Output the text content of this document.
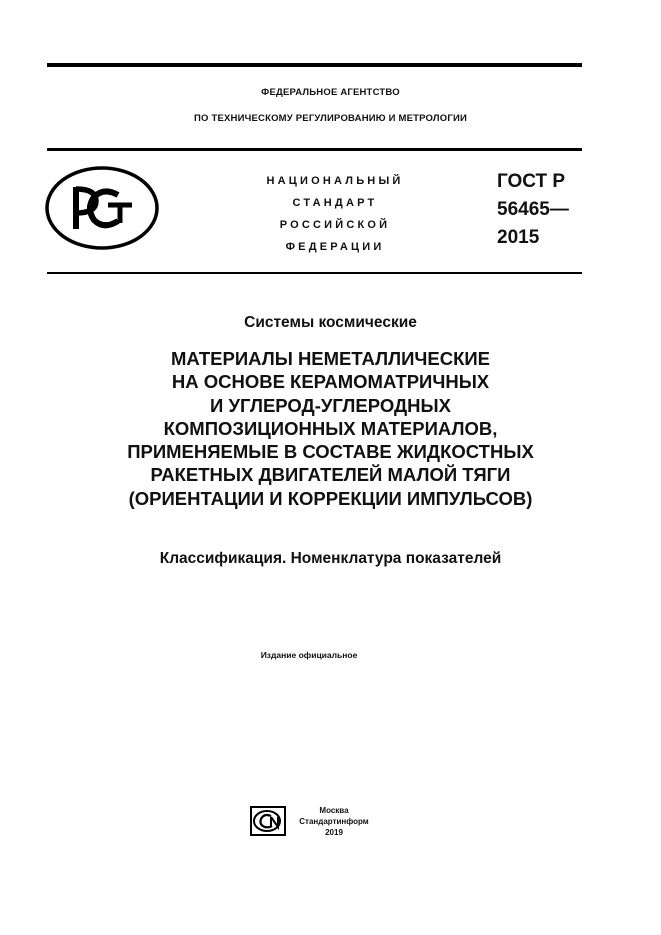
ФЕДЕРАЛЬНОЕ АГЕНТСТВО
ПО ТЕХНИЧЕСКОМУ РЕГУЛИРОВАНИЮ И МЕТРОЛОГИИ
НАЦИОНАЛЬНЫЙ
СТАНДАРТ
РОССИЙСКОЙ
ФЕДЕРАЦИИ
ГОСТ Р
56465—
2015
Системы космические
МАТЕРИАЛЫ НЕМЕТАЛЛИЧЕСКИЕ
НА ОСНОВЕ КЕРАМОМАТРИЧНЫХ
И УГЛЕРОД-УГЛЕРОДНЫХ
КОМПОЗИЦИОННЫХ МАТЕРИАЛОВ,
ПРИМЕНЯЕМЫЕ В СОСТАВЕ ЖИДКОСТНЫХ
РАКЕТНЫХ ДВИГАТЕЛЕЙ МАЛОЙ ТЯГИ
(ОРИЕНТАЦИИ И КОРРЕКЦИИ ИМПУЛЬСОВ)
Классификация. Номенклатура показателей
Издание официальное
Москва
Стандартинформ
2019
